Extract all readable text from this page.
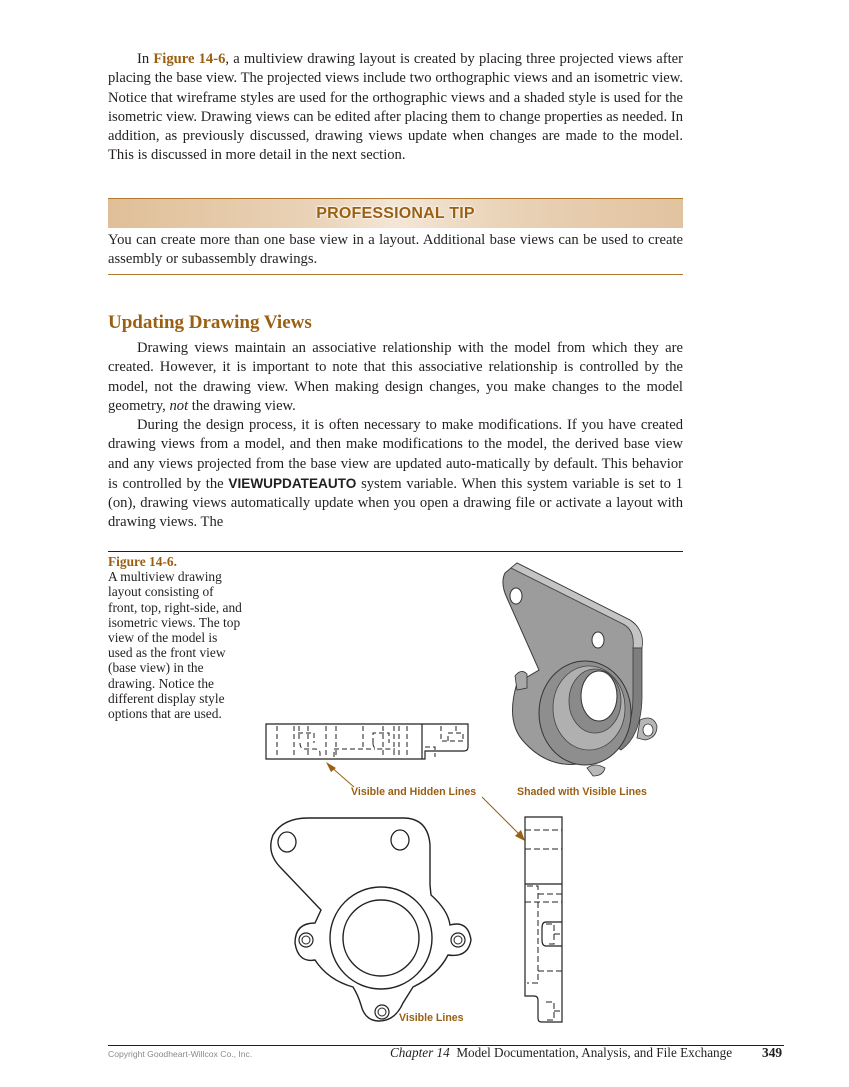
In Figure 14-6, a multiview drawing layout is created by placing three projected views after placing the base view. The projected views include two orthographic views and an isometric view. Notice that wireframe styles are used for the orthographic views and a shaded style is used for the isometric view. Drawing views can be edited after placing them to change properties as needed. In addition, as previously discussed, drawing views update when changes are made to the model. This is discussed in more detail in the next section.

PROFESSIONAL TIP

You can create more than one base view in a layout. Additional base views can be used to create assembly or subassembly drawings.

Updating Drawing Views

Drawing views maintain an associative relationship with the model from which they are created. However, it is important to note that this associative relationship is controlled by the model, not the drawing view. When making design changes, you make changes to the model geometry, not the drawing view.

During the design process, it is often necessary to make modifications. If you have created drawing views from a model, and then make modifications to the model, the derived base view and any views projected from the base view are updated auto-matically by default. This behavior is controlled by the VIEWUPDATEAUTO system variable. When this system variable is set to 1 (on), drawing views automatically update when you open a drawing file or activate a layout with drawing views. The

Figure 14-6.
A multiview drawing layout consisting of front, top, right-side, and isometric views. The top view of the model is used as the front view (base view) in the drawing. Notice the different display style options that are used.

Visible and Hidden Lines	Shaded with Visible Lines
Visible Lines
Copyright Goodheart-Willcox Co., Inc.	Chapter 14 Model Documentation, Analysis, and File Exchange 349
